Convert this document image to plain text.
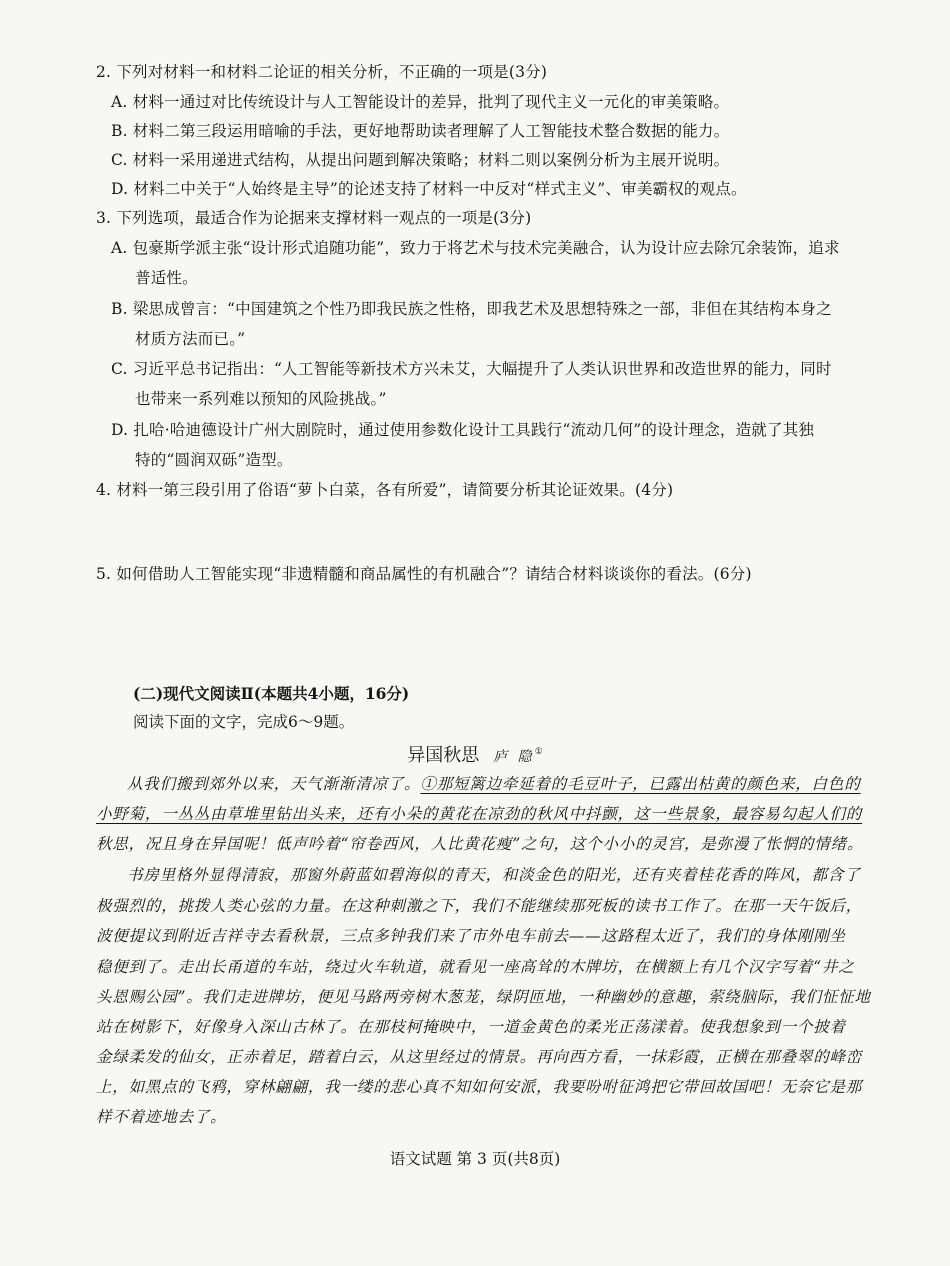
2. 下列对材料一和材料二论证的相关分析，不正确的一项是(3分)
A. 材料一通过对比传统设计与人工智能设计的差异，批判了现代主义一元化的审美策略。
B. 材料二第三段运用暗喻的手法，更好地帮助读者理解了人工智能技术整合数据的能力。
C. 材料一采用递进式结构，从提出问题到解决策略；材料二则以案例分析为主展开说明。
D. 材料二中关于“人始终是主导”的论述支持了材料一中反对“样式主义”、审美霸权的观点。
3. 下列选项，最适合作为论据来支撑材料一观点的一项是(3分)
A. 包豪斯学派主张“设计形式追随功能”，致力于将艺术与技术完美融合，认为设计应去除冗余装饰，追求
普适性。
B. 梁思成曾言：“中国建筑之个性乃即我民族之性格，即我艺术及思想特殊之一部，非但在其结构本身之
材质方法而已。”
C. 习近平总书记指出：“人工智能等新技术方兴未艾，大幅提升了人类认识世界和改造世界的能力，同时
也带来一系列难以预知的风险挑战。”
D. 扎哈·哈迪德设计广州大剧院时，通过使用参数化设计工具践行“流动几何”的设计理念，造就了其独
特的“圆润双砾”造型。
4. 材料一第三段引用了俗语“萝卜白菜，各有所爱”，请简要分析其论证效果。(4分)
5. 如何借助人工智能实现“非遗精髓和商品属性的有机融合”？请结合材料谈谈你的看法。(6分)
(二)现代文阅读Ⅱ(本题共4小题，16分)
阅读下面的文字，完成6～9题。
异国秋思 庐 隐①
从我们搬到郊外以来，天气渐渐清凉了。①那短篱边牵延着的毛豆叶子，已露出枯黄的颜色来，白色的
小野菊，一丛丛由草堆里钻出头来，还有小朵的黄花在凉劲的秋风中抖颤，这一些景象，最容易勾起人们的
秋思，况且身在异国呢！低声吟着“帘卷西风，人比黄花瘦”之句，这个小小的灵宫，是弥漫了怅惘的情绪。
书房里格外显得清寂，那窗外蔚蓝如碧海似的青天，和淡金色的阳光，还有夹着桂花香的阵风，都含了
极强烈的，挑拨人类心弦的力量。在这种刺激之下，我们不能继续那死板的读书工作了。在那一天午饭后，
波便提议到附近吉祥寺去看秋景，三点多钟我们来了市外电车前去——这路程太近了，我们的身体刚刚坐
稳便到了。走出长甬道的车站，绕过火车轨道，就看见一座高耸的木牌坊，在横额上有几个汉字写着“井之
头恩赐公园”。我们走进牌坊，便见马路两旁树木葱茏，绿阴匝地，一种幽妙的意趣，萦绕脑际，我们怔怔地
站在树影下，好像身入深山古林了。在那枝柯掩映中，一道金黄色的柔光正荡漾着。使我想象到一个披着
金绿柔发的仙女，正赤着足，踏着白云，从这里经过的情景。再向西方看，一抹彩霞，正横在那叠翠的峰峦
上，如黑点的飞鸦，穿林翩翩，我一缕的悲心真不知如何安派，我要吩咐征鸿把它带回故国吧！无奈它是那
样不着迹地去了。
语文试题 第 3 页(共8页)
